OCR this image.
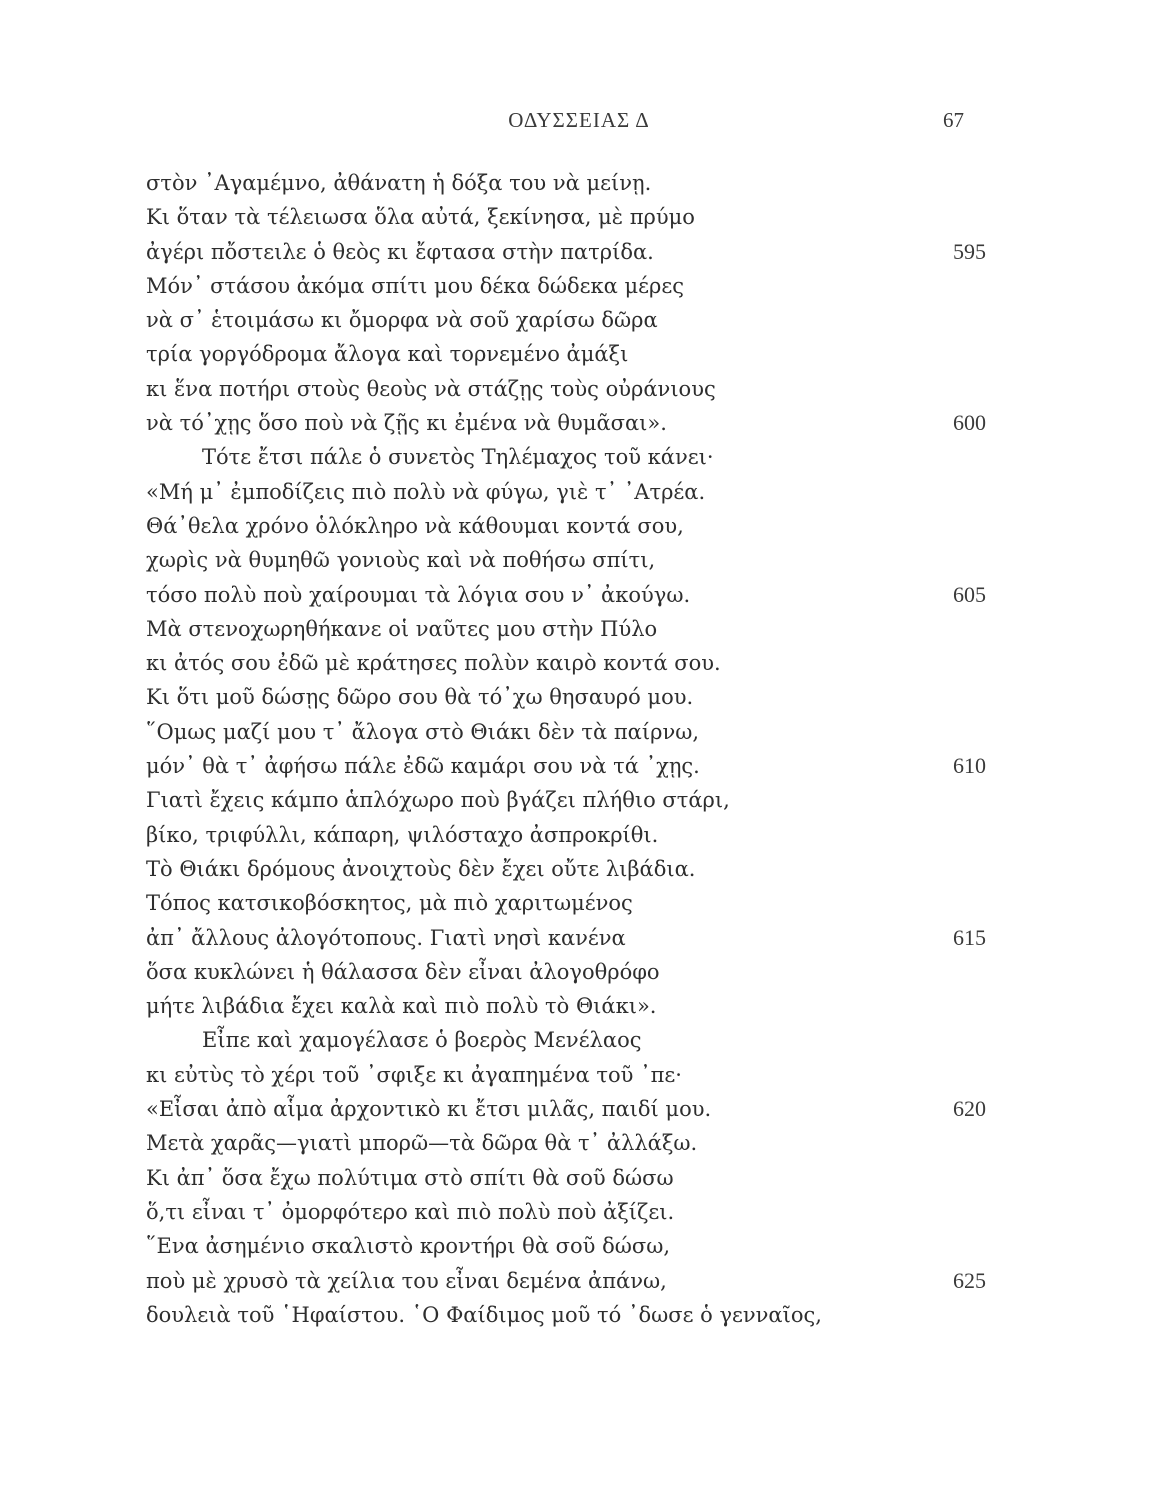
ΟΔΥΣΣΕΙΑΣ Δ	67
στὸν ᾿Αγαμέμνο, ἀθάνατη ἡ δόξα του νὰ μείνῃ.
Κι ὅταν τὰ τέλειωσα ὅλα αὐτά, ξεκίνησα, μὲ πρύμο
ἀγέρι πὄστειλε ὁ θεὸς κι ἔφτασα στὴν πατρίδα.	595
Μόν᾿ στάσου ἀκόμα σπίτι μου δέκα δώδεκα μέρες
νὰ σ᾿ ἑτοιμάσω κι ὄμορφα νὰ σοῦ χαρίσω δῶρα
τρία γοργόδρομα ἄλογα καὶ τορνεμένο ἀμάξι
κι ἕνα ποτήρι στοὺς θεοὺς νὰ στάζῃς τοὺς οὐράνιους
νὰ τό᾿χῃς ὅσο ποὺ νὰ ζῇς κι ἐμένα νὰ θυμᾶσαι».	600
Τότε ἔτσι πάλε ὁ συνετὸς Τηλέμαχος τοῦ κάνει·
«Μή μ᾿ ἐμποδίζεις πιὸ πολὺ νὰ φύγω, γιὲ τ᾿ ᾿Ατρέα.
Θά᾿θελα χρόνο ὁλόκληρο νὰ κάθουμαι κοντά σου,
χωρὶς νὰ θυμηθῶ γονιοὺς καὶ νὰ ποθήσω σπίτι,
τόσο πολὺ ποὺ χαίρουμαι τὰ λόγια σου ν᾿ ἀκούγω.	605
Μὰ στενοχωρηθήκανε οἱ ναῦτες μου στὴν Πύλο
κι ἀτός σου ἐδῶ μὲ κράτησες πολὺν καιρὸ κοντά σου.
Κι ὅτι μοῦ δώσῃς δῶρο σου θὰ τό᾿χω θησαυρό μου.
῞Ομως μαζί μου τ᾿ ἄλογα στὸ Θιάκι δὲν τὰ παίρνω,
μόν᾿ θὰ τ᾿ ἀφήσω πάλε ἐδῶ καμάρι σου νὰ τά ᾿χῃς.	610
Γιατὶ ἔχεις κάμπο ἁπλόχωρο ποὺ βγάζει πλήθιο στάρι,
βίκο, τριφύλλι, κάπαρη, ψιλόσταχο ἀσπροκρίθι.
Τὸ Θιάκι δρόμους ἀνοιχτοὺς δὲν ἔχει οὔτε λιβάδια.
Τόπος κατσικοβόσκητος, μὰ πιὸ χαριτωμένος
ἀπ᾿ ἄλλους ἀλογότοπους. Γιατὶ νησὶ κανένα	615
ὅσα κυκλώνει ἡ θάλασσα δὲν εἶναι ἀλογοθρόφο
μήτε λιβάδια ἔχει καλὰ καὶ πιὸ πολὺ τὸ Θιάκι».
Εἶπε καὶ χαμογέλασε ὁ βοερὸς Μενέλαος
κι εὐτὺς τὸ χέρι τοῦ ᾿σφιξε κι ἀγαπημένα τοῦ ᾿πε·
«Εἶσαι ἀπὸ αἷμα ἀρχοντικὸ κι ἔτσι μιλᾶς, παιδί μου.	620
Μετὰ χαρᾶς—γιατὶ μπορῶ—τὰ δῶρα θὰ τ᾿ ἀλλάξω.
Κι ἀπ᾿ ὅσα ἔχω πολύτιμα στὸ σπίτι θὰ σοῦ δώσω
ὅ,τι εἶναι τ᾿ ὀμορφότερο καὶ πιὸ πολὺ ποὺ ἀξίζει.
῞Ενα ἀσημένιο σκαλιστὸ κροντήρι θὰ σοῦ δώσω,
ποὺ μὲ χρυσὸ τὰ χείλια του εἶναι δεμένα ἀπάνω,	625
δουλειὰ τοῦ ῾Ηφαίστου. ῾Ο Φαίδιμος μοῦ τό ᾿δωσε ὁ γενναῖος,
